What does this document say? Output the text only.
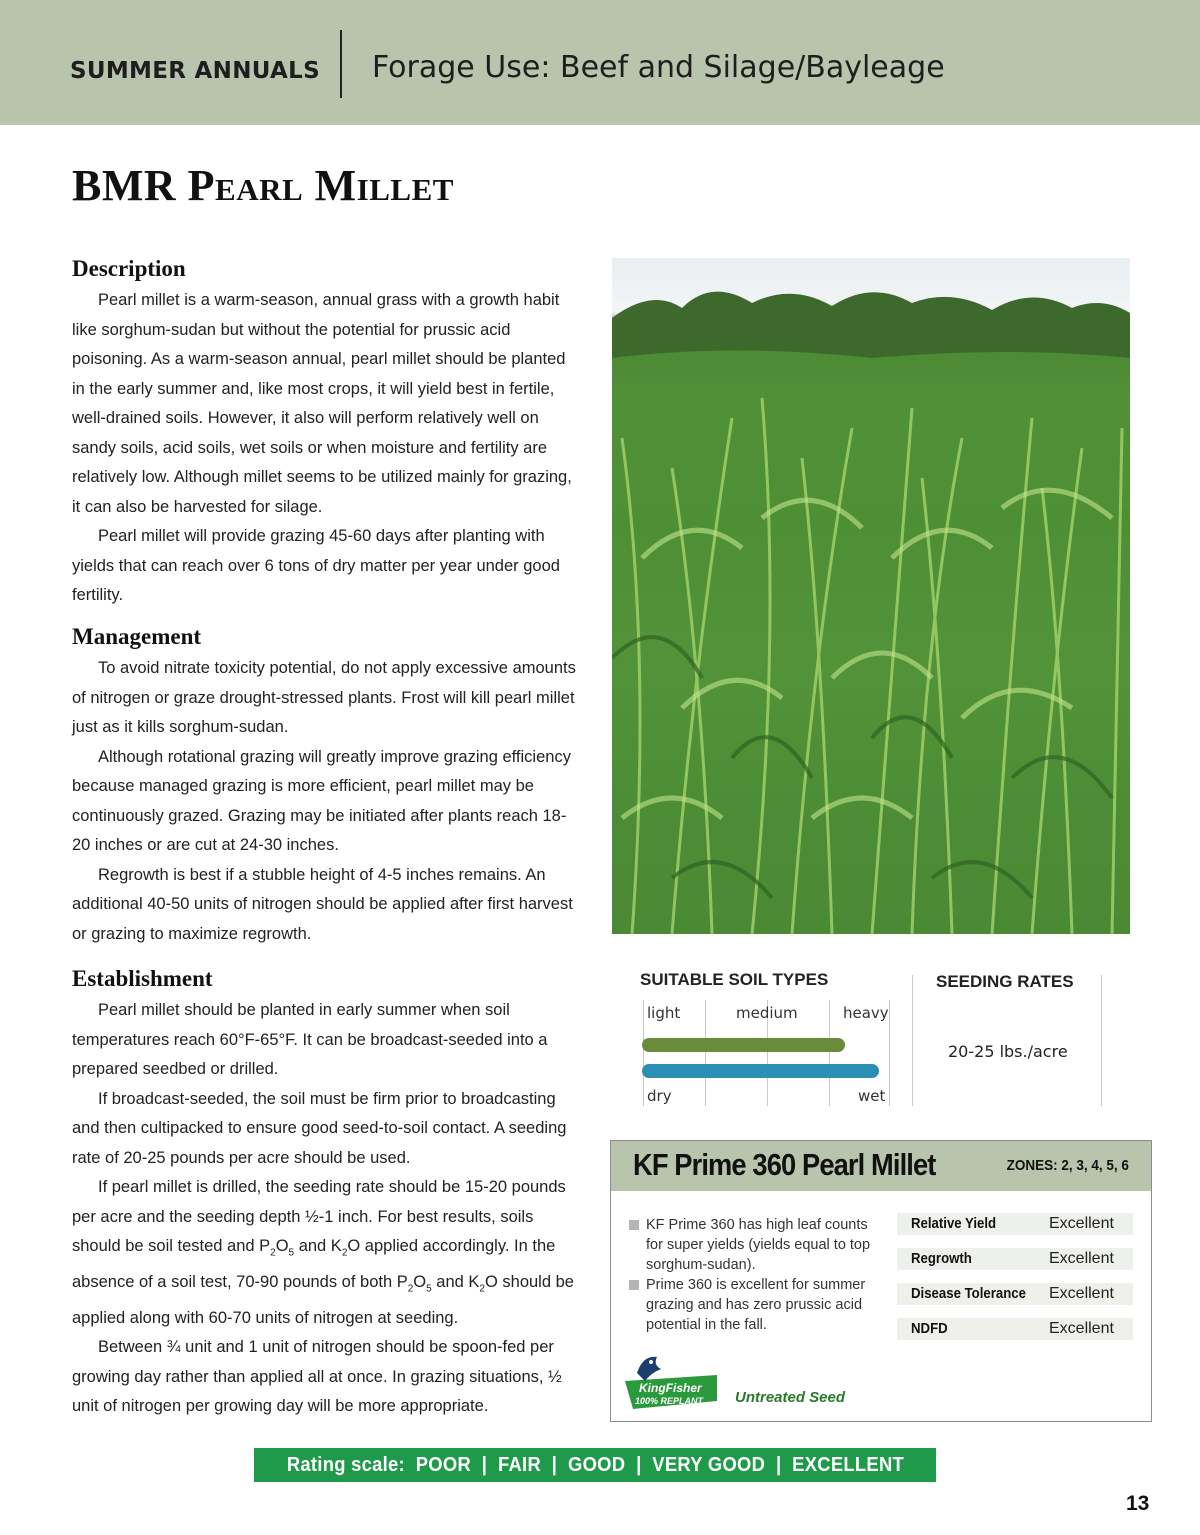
SUMMER ANNUALS Forage Use: Beef and Silage/Bayleage
BMR Pearl Millet
Description

Pearl millet is a warm-season, annual grass with a growth habit like sorghum-sudan but without the potential for prussic acid poisoning. As a warm-season annual, pearl millet should be planted in the early summer and, like most crops, it will yield best in fertile, well-drained soils. However, it also will perform relatively well on sandy soils, acid soils, wet soils or when moisture and fertility are relatively low. Although millet seems to be utilized mainly for grazing, it can also be harvested for silage.

Pearl millet will provide grazing 45-60 days after planting with yields that can reach over 6 tons of dry matter per year under good fertility.

Management

To avoid nitrate toxicity potential, do not apply excessive amounts of nitrogen or graze drought-stressed plants. Frost will kill pearl millet just as it kills sorghum-sudan.

Although rotational grazing will greatly improve grazing efficiency because managed grazing is more efficient, pearl millet may be continuously grazed. Grazing may be initiated after plants reach 18-20 inches or are cut at 24-30 inches.

Regrowth is best if a stubble height of 4-5 inches remains. An additional 40-50 units of nitrogen should be applied after first harvest or grazing to maximize regrowth.

Establishment

Pearl millet should be planted in early summer when soil temperatures reach 60°F-65°F. It can be broadcast-seeded into a prepared seedbed or drilled.

If broadcast-seeded, the soil must be firm prior to broadcasting and then cultipacked to ensure good seed-to-soil contact. A seeding rate of 20-25 pounds per acre should be used.

If pearl millet is drilled, the seeding rate should be 15-20 pounds per acre and the seeding depth ½-1 inch. For best results, soils should be soil tested and $P_2O_5$ and $K_2O$ applied accordingly. In the absence of a soil test, 70-90 pounds of both $P_2O_5$ and $K_2O$ should be applied along with 60-70 units of nitrogen at seeding.

Between ¾ unit and 1 unit of nitrogen should be spoon-fed per growing day rather than applied all at once. In grazing situations, ½ unit of nitrogen per growing day will be more appropriate.

SUITABLE SOIL TYPES	SEEDING RATES
light	medium	heavy
dry	wet
20-25 lbs./acre
KF Prime 360 Pearl Millet	ZONES: 2, 3, 4, 5, 6
KF Prime 360 has high leaf counts for super yields (yields equal to top sorghum-sudan).
Prime 360 is excellent for summer grazing and has zero prussic acid potential in the fall.
Relative Yield	Excellent
Regrowth	Excellent
Disease Tolerance	Excellent
NDFD	Excellent
KingFisher
100% REPLANT Untreated Seed
Rating scale:  POOR  |  FAIR  |  GOOD  |  VERY GOOD  |  EXCELLENT
13
